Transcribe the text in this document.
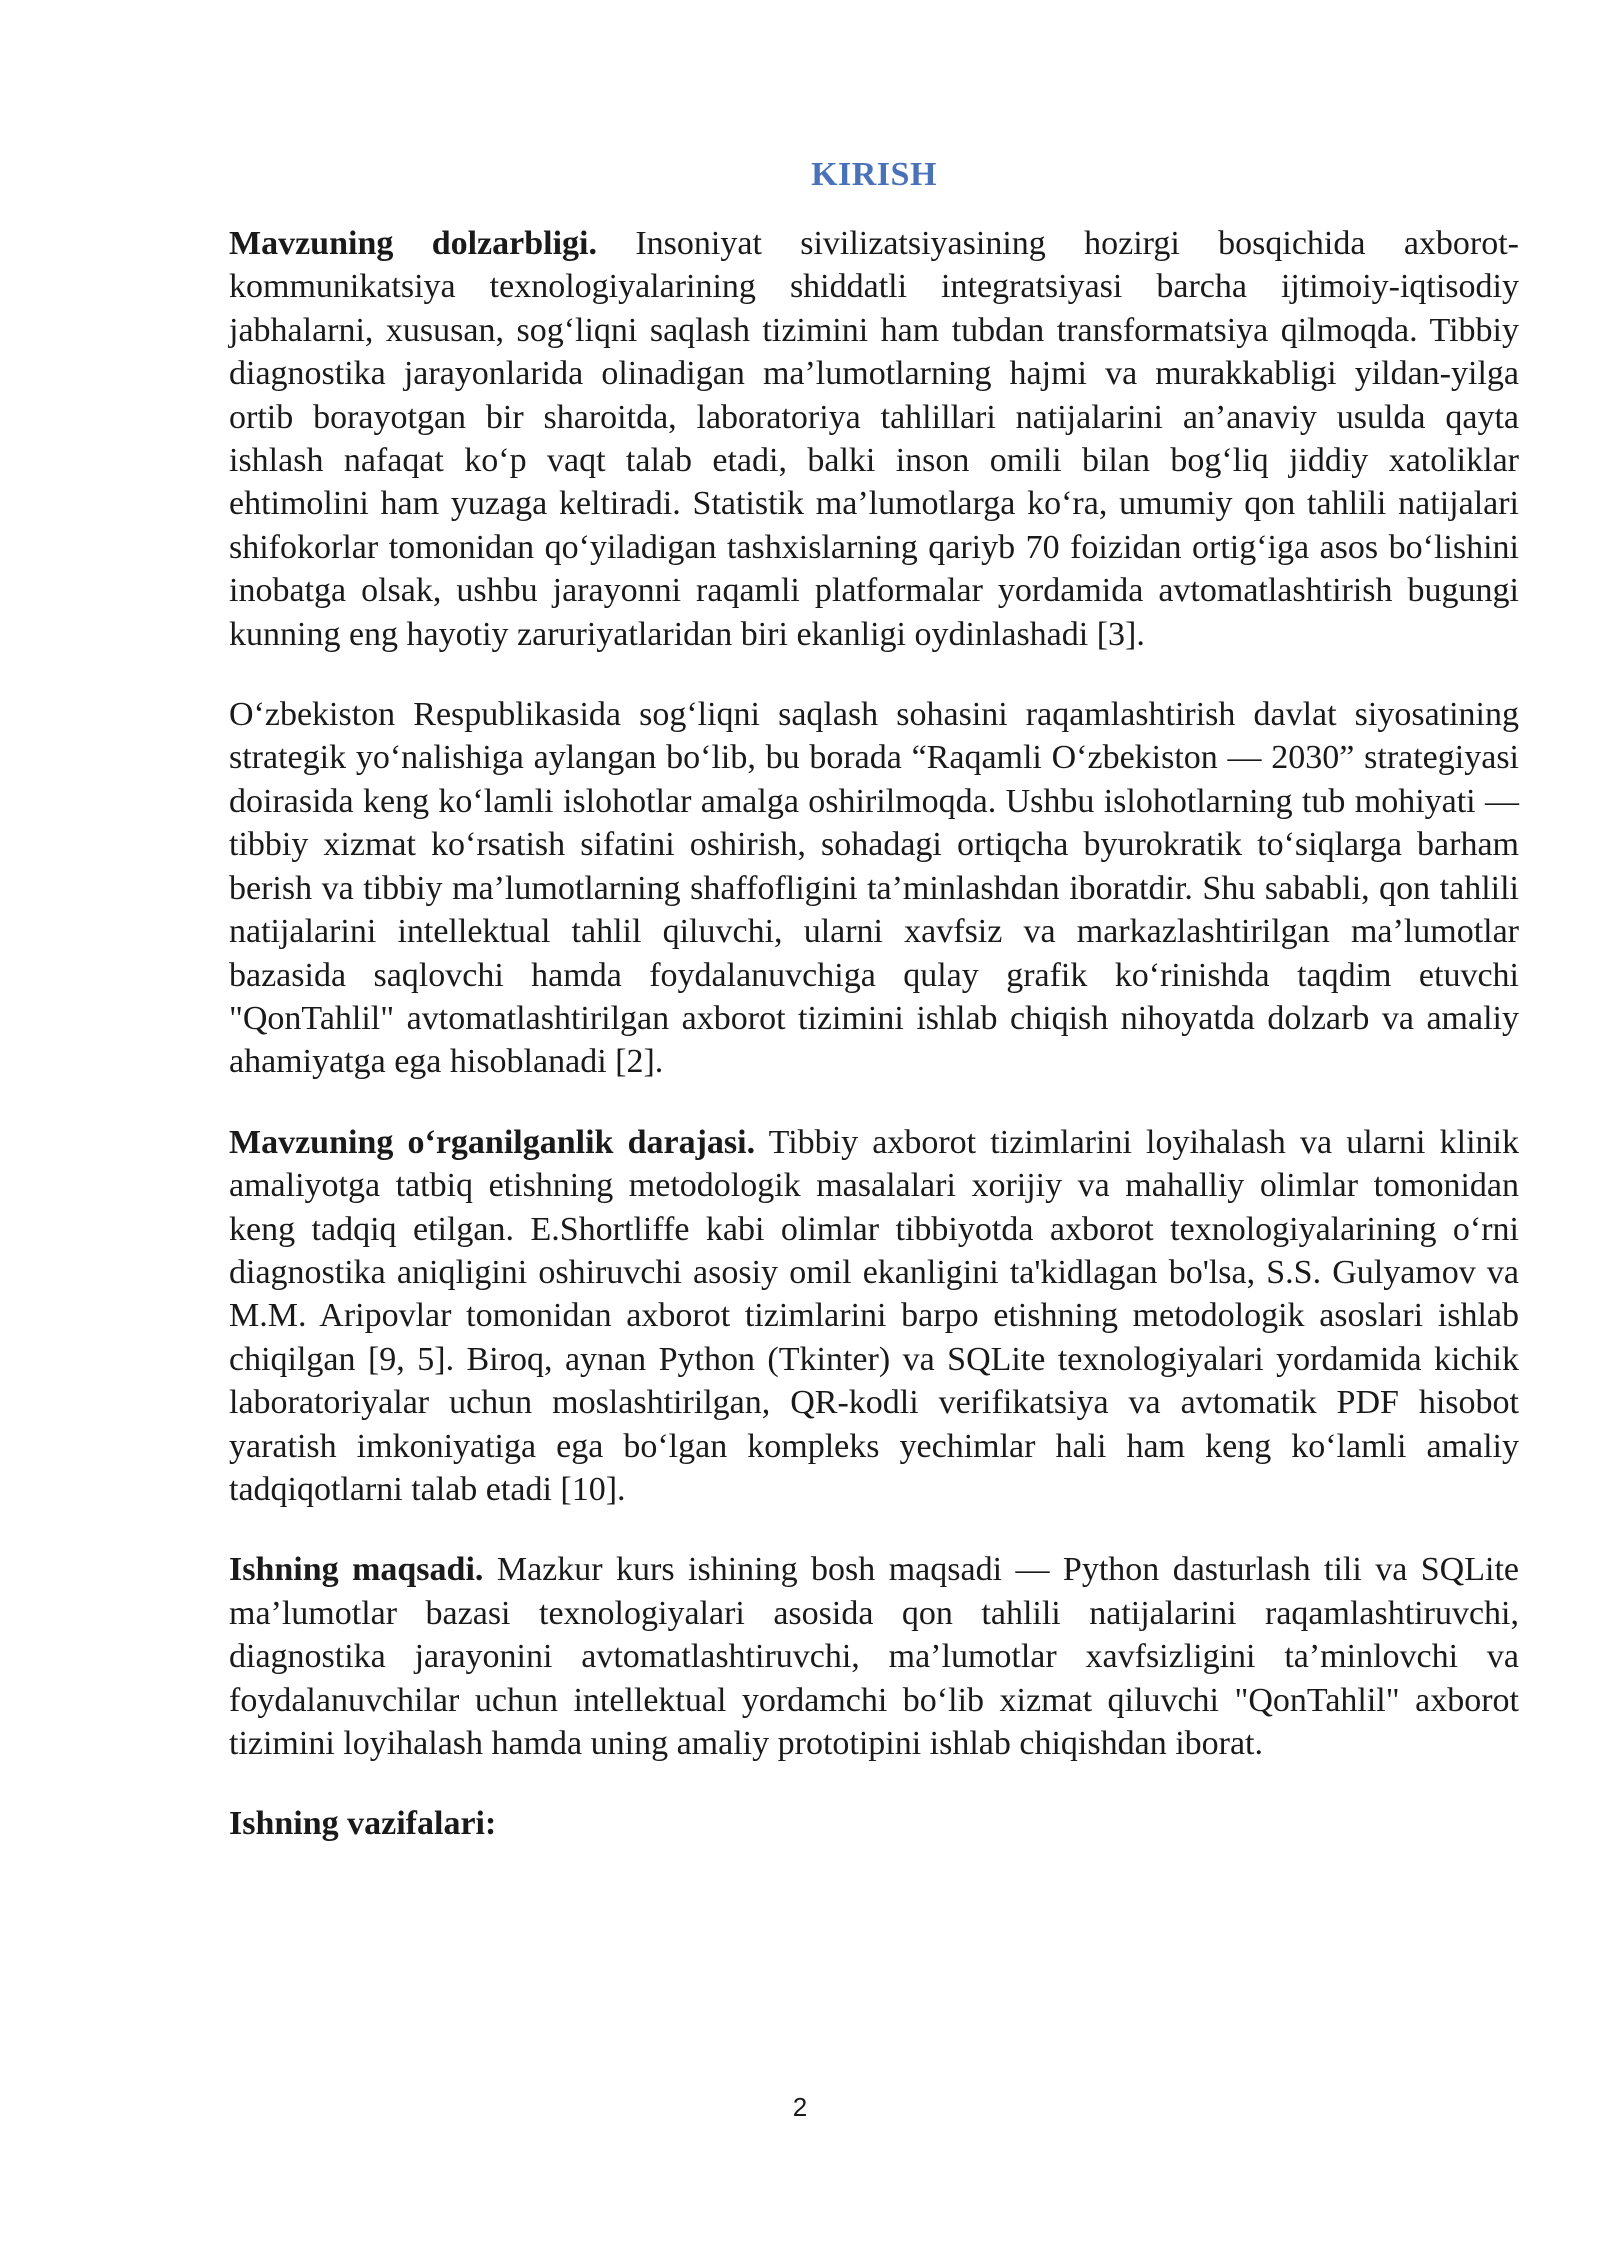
KIRISH

Mavzuning dolzarbligi. Insoniyat sivilizatsiyasining hozirgi bosqichida axborot-kommunikatsiya texnologiyalarining shiddatli integratsiyasi barcha ijtimoiy-iqtisodiy jabhalarni, xususan, sog‘liqni saqlash tizimini ham tubdan transformatsiya qilmoqda. Tibbiy diagnostika jarayonlarida olinadigan ma’lumotlarning hajmi va murakkabligi yildan-yilga ortib borayotgan bir sharoitda, laboratoriya tahlillari natijalarini an’anaviy usulda qayta ishlash nafaqat ko‘p vaqt talab etadi, balki inson omili bilan bog‘liq jiddiy xatoliklar ehtimolini ham yuzaga keltiradi. Statistik ma’lumotlarga ko‘ra, umumiy qon tahlili natijalari shifokorlar tomonidan qo‘yiladigan tashxislarning qariyb 70 foizidan ortig‘iga asos bo‘lishini inobatga olsak, ushbu jarayonni raqamli platformalar yordamida avtomatlashtirish bugungi kunning eng hayotiy zaruriyatlaridan biri ekanligi oydinlashadi [3].

O‘zbekiston Respublikasida sog‘liqni saqlash sohasini raqamlashtirish davlat siyosatining strategik yo‘nalishiga aylangan bo‘lib, bu borada “Raqamli O‘zbekiston — 2030” strategiyasi doirasida keng ko‘lamli islohotlar amalga oshirilmoqda. Ushbu islohotlarning tub mohiyati — tibbiy xizmat ko‘rsatish sifatini oshirish, sohadagi ortiqcha byurokratik to‘siqlarga barham berish va tibbiy ma’lumotlarning shaffofligini ta’minlashdan iboratdir. Shu sababli, qon tahlili natijalarini intellektual tahlil qiluvchi, ularni xavfsiz va markazlashtirilgan ma’lumotlar bazasida saqlovchi hamda foydalanuvchiga qulay grafik ko‘rinishda taqdim etuvchi "QonTahlil" avtomatlashtirilgan axborot tizimini ishlab chiqish nihoyatda dolzarb va amaliy ahamiyatga ega hisoblanadi [2].

Mavzuning o‘rganilganlik darajasi. Tibbiy axborot tizimlarini loyihalash va ularni klinik amaliyotga tatbiq etishning metodologik masalalari xorijiy va mahalliy olimlar tomonidan keng tadqiq etilgan. E.Shortliffe kabi olimlar tibbiyotda axborot texnologiyalarining o‘rni diagnostika aniqligini oshiruvchi asosiy omil ekanligini ta'kidlagan bo'lsa, S.S. Gulyamov va M.M. Aripovlar tomonidan axborot tizimlarini barpo etishning metodologik asoslari ishlab chiqilgan [9, 5]. Biroq, aynan Python (Tkinter) va SQLite texnologiyalari yordamida kichik laboratoriyalar uchun moslashtirilgan, QR-kodli verifikatsiya va avtomatik PDF hisobot yaratish imkoniyatiga ega bo‘lgan kompleks yechimlar hali ham keng ko‘lamli amaliy tadqiqotlarni talab etadi [10].

Ishning maqsadi. Mazkur kurs ishining bosh maqsadi — Python dasturlash tili va SQLite ma’lumotlar bazasi texnologiyalari asosida qon tahlili natijalarini raqamlashtiruvchi, diagnostika jarayonini avtomatlashtiruvchi, ma’lumotlar xavfsizligini ta’minlovchi va foydalanuvchilar uchun intellektual yordamchi bo‘lib xizmat qiluvchi "QonTahlil" axborot tizimini loyihalash hamda uning amaliy prototipini ishlab chiqishdan iborat.

Ishning vazifalari:

2
